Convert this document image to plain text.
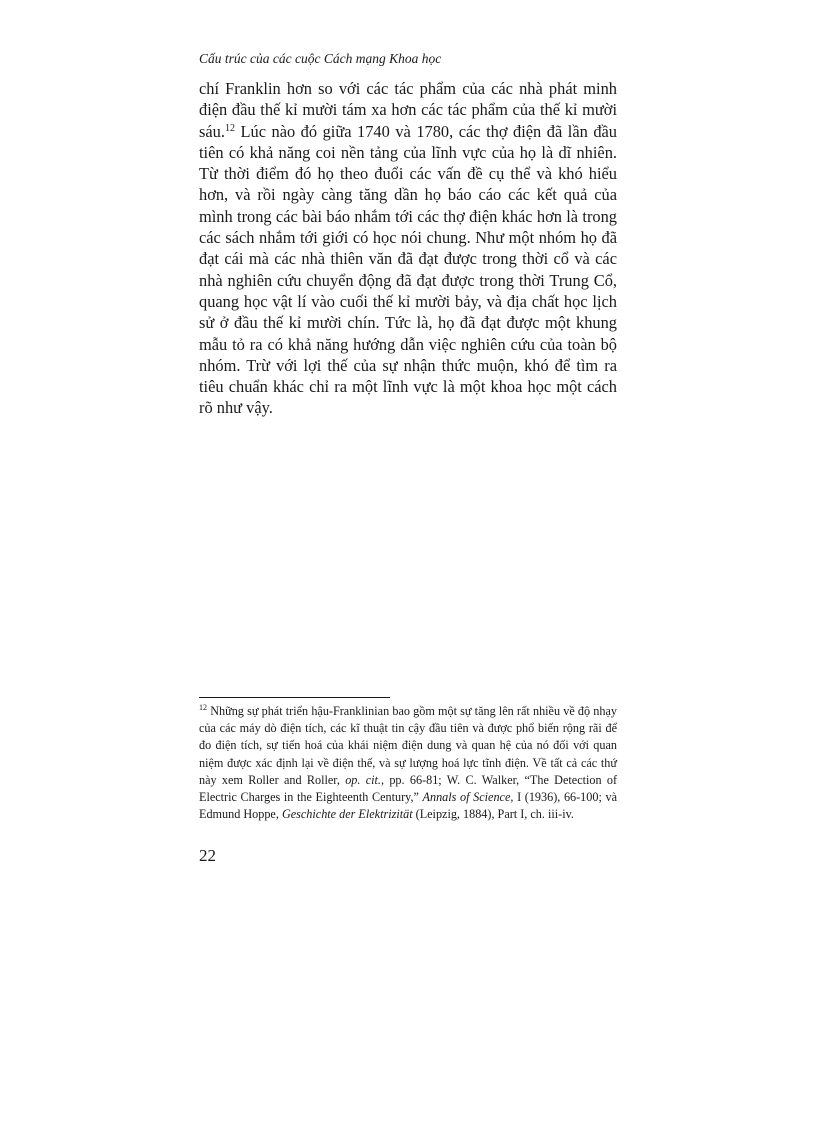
Cấu trúc của các cuộc Cách mạng Khoa học

chí Franklin hơn so với các tác phẩm của các nhà phát minh điện đầu thế kỉ mười tám xa hơn các tác phẩm của thế kỉ mười sáu.$^{12}$ Lúc nào đó giữa 1740 và 1780, các thợ điện đã lần đầu tiên có khả năng coi nền tảng của lĩnh vực của họ là dĩ nhiên. Từ thời điểm đó họ theo đuổi các vấn đề cụ thể và khó hiểu hơn, và rồi ngày càng tăng dần họ báo cáo các kết quả của mình trong các bài báo nhắm tới các thợ điện khác hơn là trong các sách nhắm tới giới có học nói chung. Như một nhóm họ đã đạt cái mà các nhà thiên văn đã đạt được trong thời cổ và các nhà nghiên cứu chuyển động đã đạt được trong thời Trung Cổ, quang học vật lí vào cuối thế kỉ mười bảy, và địa chất học lịch sử ở đầu thế kỉ mười chín. Tức là, họ đã đạt được một khung mẫu tỏ ra có khả năng hướng dẫn việc nghiên cứu của toàn bộ nhóm. Trừ với lợi thế của sự nhận thức muộn, khó để tìm ra tiêu chuẩn khác chỉ ra một lĩnh vực là một khoa học một cách rõ như vậy.

$^{12}$ Những sự phát triển hậu-Franklinian bao gồm một sự tăng lên rất nhiều về độ nhạy của các máy dò điện tích, các kĩ thuật tin cậy đầu tiên và được phổ biến rộng rãi để đo điện tích, sự tiến hoá của khái niệm điện dung và quan hệ của nó đối với quan niệm được xác định lại về điện thế, và sự lượng hoá lực tĩnh điện. Về tất cả các thứ này xem Roller and Roller, op. cit., pp. 66-81; W. C. Walker, “The Detection of Electric Charges in the Eighteenth Century,” Annals of Science, I (1936), 66-100; và Edmund Hoppe, Geschichte der Elektrizität (Leipzig, 1884), Part I, ch. iii-iv.

22
